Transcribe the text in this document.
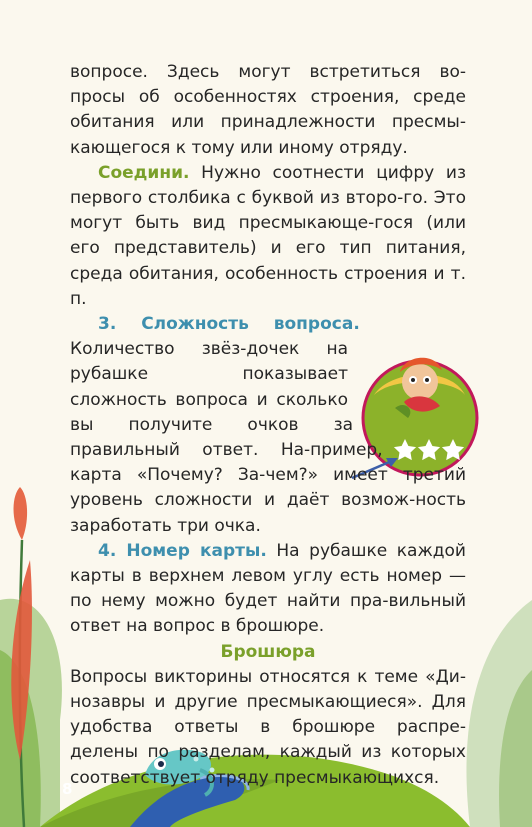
вопросе. Здесь могут встретиться во-просы об особенностях строения, среде обитания или принадлежности пресмы-кающегося к тому или иному отряду.

Соедини. Нужно соотнести цифру из первого столбика с буквой из второ-го. Это могут быть вид пресмыкающе-гося (или его представитель) и его тип питания, среда обитания, особенность строения и т. п.

3. Сложность вопроса. Количество звёз-дочек на рубашке показывает сложность вопроса и сколько вы получите очков за правильный ответ. На-пример, карта «Почему? За-чем?» имеет третий уровень сложности и даёт возмож-ность заработать три очка.

4. Номер карты. На рубашке каждой карты в верхнем левом углу есть номер — по нему можно будет найти пра-вильный ответ на вопрос в брошюре.

Брошюра

Вопросы викторины относятся к теме «Ди-нозавры и другие пресмыкающиеся». Для удобства ответы в брошюре распре-делены по разделам, каждый из которых соответствует отряду пресмыкающихся.

8
